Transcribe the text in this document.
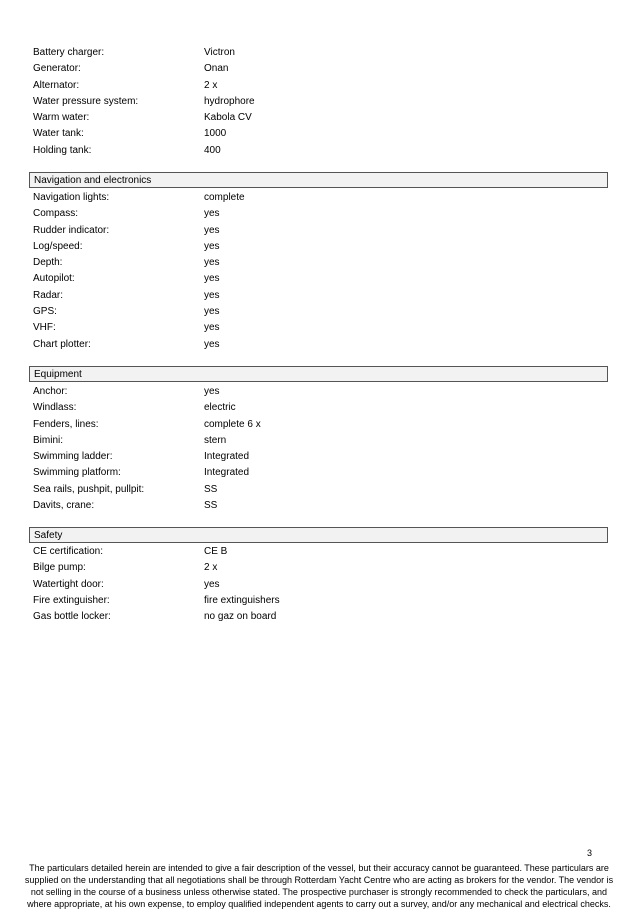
Battery charger:	Victron
Generator:	Onan
Alternator:	2 x
Water pressure system:	hydrophore
Warm water:	Kabola CV
Water tank:	1000
Holding tank:	400
Navigation and electronics
Navigation lights:	complete
Compass:	yes
Rudder indicator:	yes
Log/speed:	yes
Depth:	yes
Autopilot:	yes
Radar:	yes
GPS:	yes
VHF:	yes
Chart plotter:	yes
Equipment
Anchor:	yes
Windlass:	electric
Fenders, lines:	complete 6 x
Bimini:	stern
Swimming ladder:	Integrated
Swimming platform:	Integrated
Sea rails, pushpit, pullpit:	SS
Davits, crane:	SS
Safety
CE certification:	CE B
Bilge pump:	2 x
Watertight door:	yes
Fire extinguisher:	fire extinguishers
Gas bottle locker:	no gaz on board
3
The particulars detailed herein are intended to give a fair description of the vessel, but their accuracy cannot be guaranteed. These particulars are supplied on the understanding that all negotiations shall be through Rotterdam Yacht Centre who are acting as brokers for the vendor. The vendor is not selling in the course of a business unless otherwise stated. The prospective purchaser is strongly recommended to check the particulars, and where appropriate, at his own expense, to employ qualified independent agents to carry out a survey, and/or any mechanical and electrical checks.
